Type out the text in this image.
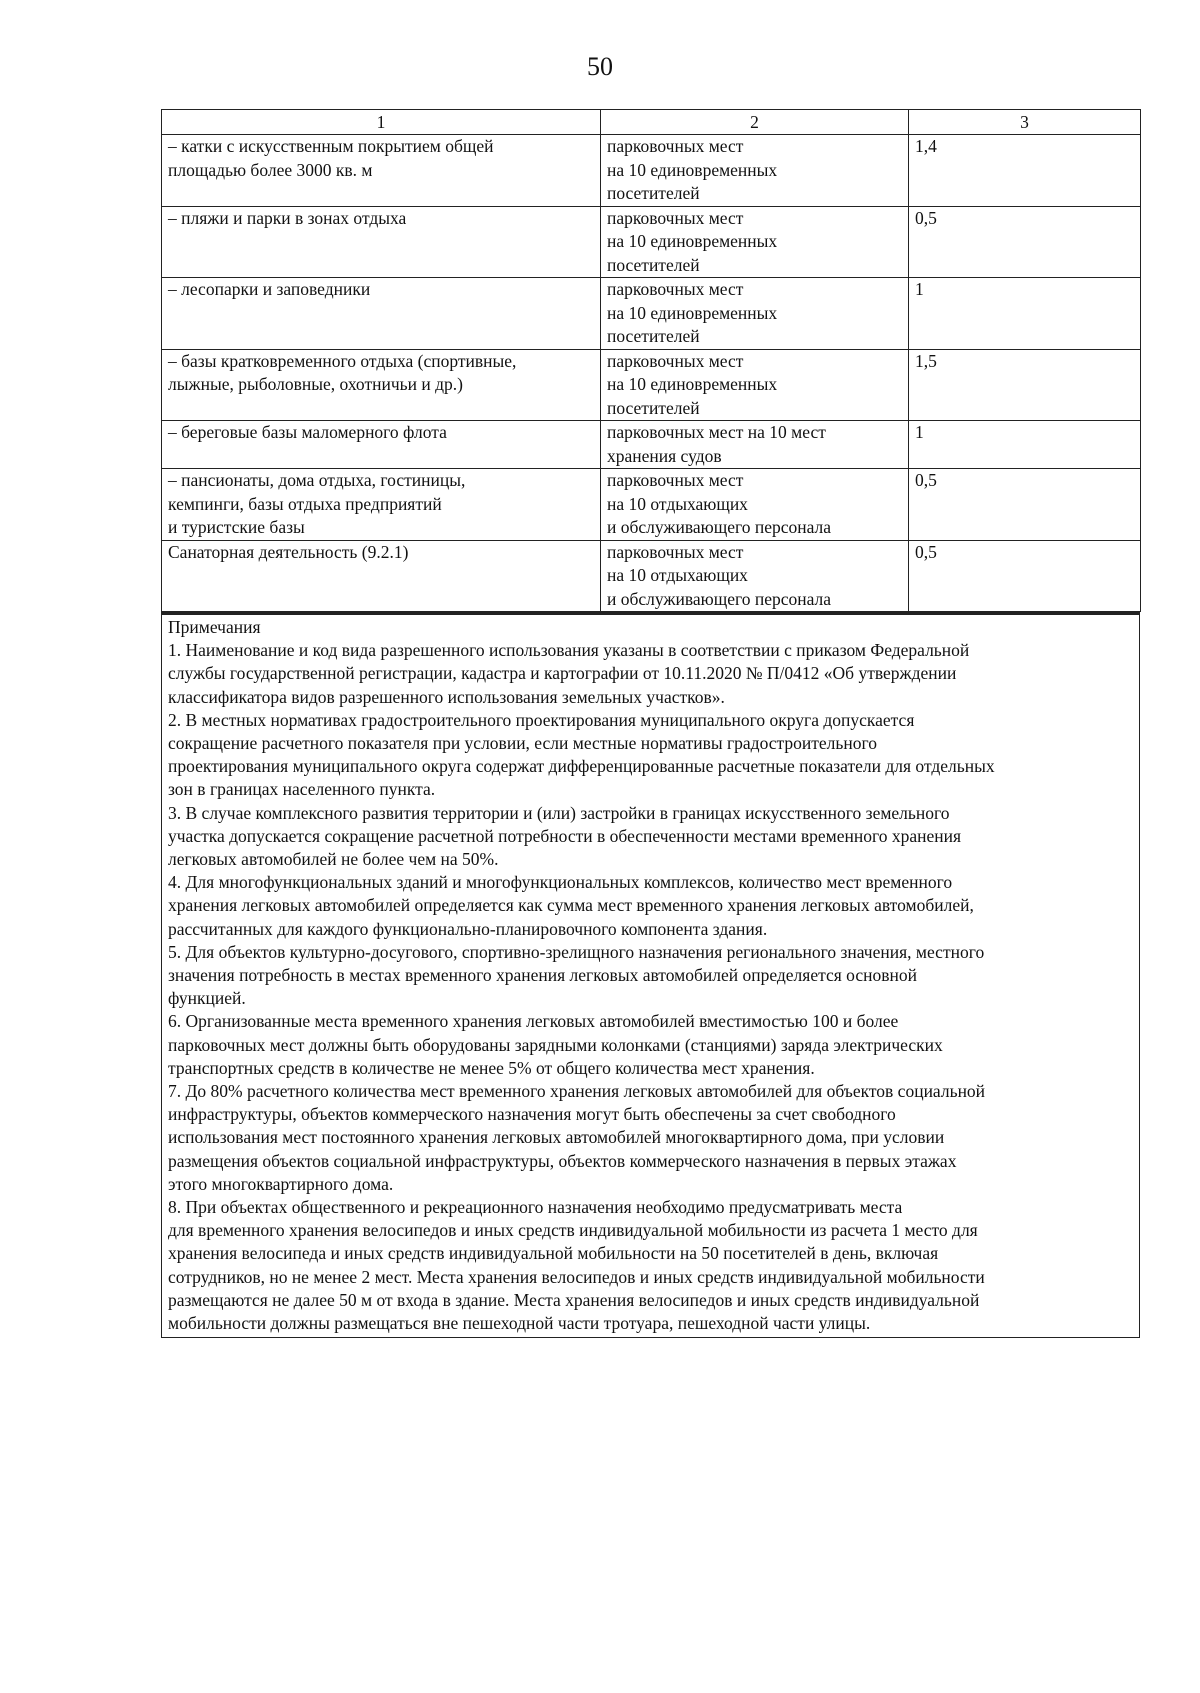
50
1	2	3

– катки с искусственным покрытием общей
площадью более 3000 кв. м	парковочных мест
на 10 единовременных
посетителей	1,4

– пляжи и парки в зонах отдыха	парковочных мест
на 10 единовременных
посетителей	0,5

– лесопарки и заповедники	парковочных мест
на 10 единовременных
посетителей	1

– базы кратковременного отдыха (спортивные,
лыжные, рыболовные, охотничьи и др.)	парковочных мест
на 10 единовременных
посетителей	1,5

– береговые базы маломерного флота	парковочных мест на 10 мест
хранения судов	1

– пансионаты, дома отдыха, гостиницы,
кемпинги, базы отдыха предприятий
и туристские базы	парковочных мест
на 10 отдыхающих
и обслуживающего персонала	0,5

Санаторная деятельность (9.2.1)	парковочных мест
на 10 отдыхающих
и обслуживающего персонала	0,5
Примечания
1. Наименование и код вида разрешенного использования указаны в соответствии с приказом Федеральной
службы государственной регистрации, кадастра и картографии от 10.11.2020 № П/0412 «Об утверждении
классификатора видов разрешенного использования земельных участков».
2. В местных нормативах градостроительного проектирования муниципального округа допускается
сокращение расчетного показателя при условии, если местные нормативы градостроительного
проектирования муниципального округа содержат дифференцированные расчетные показатели для отдельных
зон в границах населенного пункта.
3. В случае комплексного развития территории и (или) застройки в границах искусственного земельного
участка допускается сокращение расчетной потребности в обеспеченности местами временного хранения
легковых автомобилей не более чем на 50%.
4. Для многофункциональных зданий и многофункциональных комплексов, количество мест временного
хранения легковых автомобилей определяется как сумма мест временного хранения легковых автомобилей,
рассчитанных для каждого функционально-планировочного компонента здания.
5. Для объектов культурно-досугового, спортивно-зрелищного назначения регионального значения, местного
значения потребность в местах временного хранения легковых автомобилей определяется основной
функцией.
6. Организованные места временного хранения легковых автомобилей вместимостью 100 и более
парковочных мест должны быть оборудованы зарядными колонками (станциями) заряда электрических
транспортных средств в количестве не менее 5% от общего количества мест хранения.
7. До 80% расчетного количества мест временного хранения легковых автомобилей для объектов социальной
инфраструктуры, объектов коммерческого назначения могут быть обеспечены за счет свободного
использования мест постоянного хранения легковых автомобилей многоквартирного дома, при условии
размещения объектов социальной инфраструктуры, объектов коммерческого назначения в первых этажах
этого многоквартирного дома.
8. При объектах общественного и рекреационного назначения необходимо предусматривать места
для временного хранения велосипедов и иных средств индивидуальной мобильности из расчета 1 место для
хранения велосипеда и иных средств индивидуальной мобильности на 50 посетителей в день, включая
сотрудников, но не менее 2 мест. Места хранения велосипедов и иных средств индивидуальной мобильности
размещаются не далее 50 м от входа в здание. Места хранения велосипедов и иных средств индивидуальной
мобильности должны размещаться вне пешеходной части тротуара, пешеходной части улицы.
